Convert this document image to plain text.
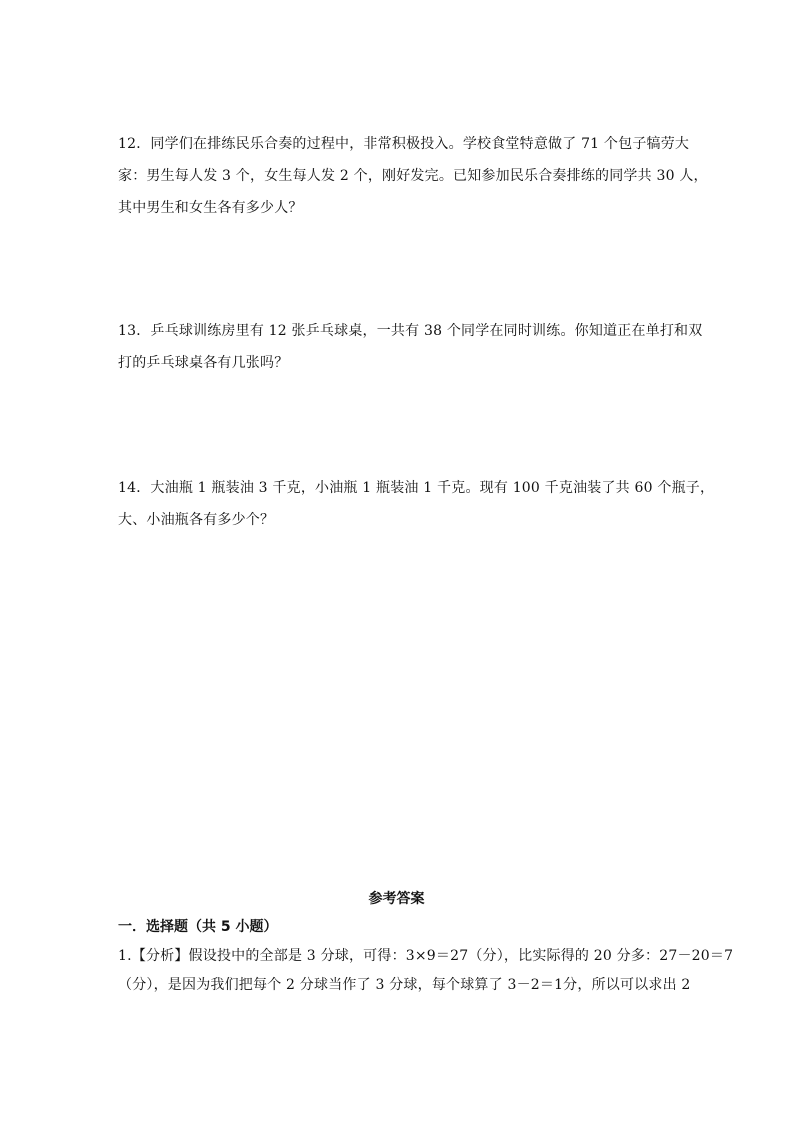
12．同学们在排练民乐合奏的过程中，非常积极投入。学校食堂特意做了 71 个包子犒劳大
家：男生每人发 3 个，女生每人发 2 个，刚好发完。已知参加民乐合奏排练的同学共 30 人，
其中男生和女生各有多少人？
13．乒乓球训练房里有 12 张乒乓球桌，一共有 38 个同学在同时训练。你知道正在单打和双
打的乒乓球桌各有几张吗？
14．大油瓶 1 瓶装油 3 千克，小油瓶 1 瓶装油 1 千克。现有 100 千克油装了共 60 个瓶子，
大、小油瓶各有多少个？
参考答案
一．选择题（共 5 小题）
1.【分析】假设投中的全部是 3 分球，可得：3×9＝27（分），比实际得的 20 分多：27－20＝7
（分），是因为我们把每个 2 分球当作了 3 分球，每个球算了 3－2＝1分，所以可以求出 2
